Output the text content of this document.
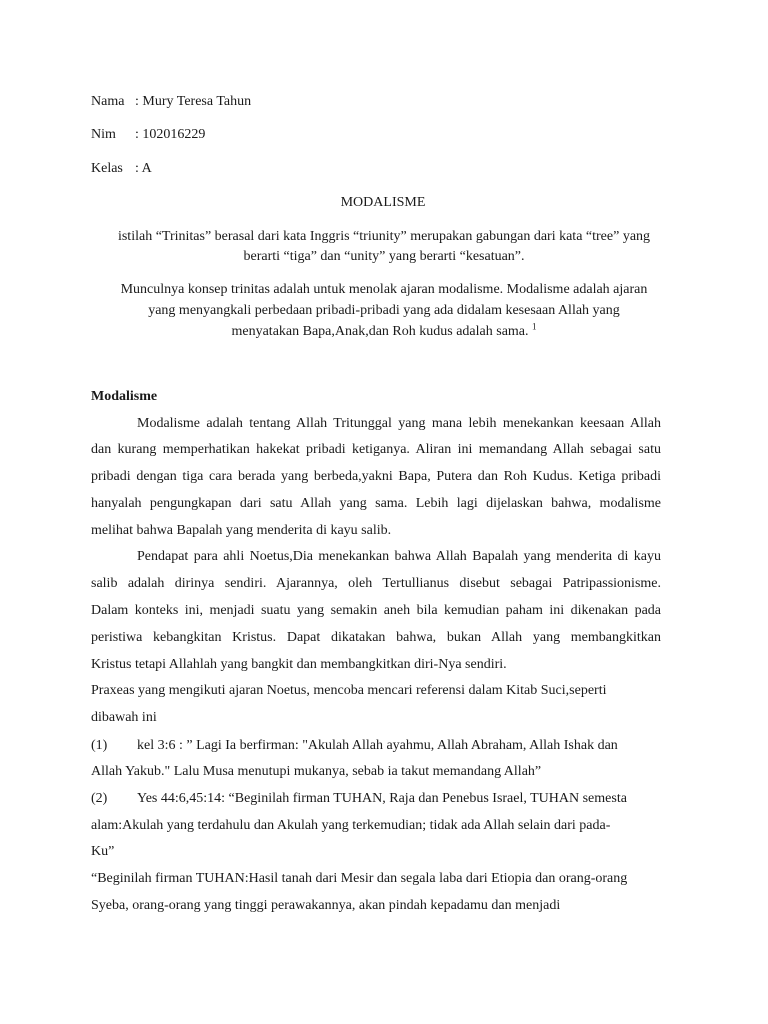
Nama : Mury Teresa Tahun
Nim : 102016229
Kelas : A
MODALISME
istilah “Trinitas” berasal dari kata Inggris “triunity” merupakan gabungan dari kata “tree” yang
berarti “tiga” dan “unity” yang berarti “kesatuan”.
Munculnya konsep trinitas adalah untuk menolak ajaran modalisme. Modalisme adalah ajaran
yang menyangkali perbedaan pribadi-pribadi yang ada didalam kesesaan Allah yang
menyatakan Bapa,Anak,dan Roh kudus adalah sama. $^1$
Modalisme
Modalisme adalah tentang Allah Tritunggal yang mana lebih menekankan keesaan Allah
dan kurang memperhatikan hakekat pribadi ketiganya. Aliran ini memandang Allah sebagai satu
pribadi dengan tiga cara berada yang berbeda,yakni Bapa, Putera dan Roh Kudus. Ketiga pribadi
hanyalah pengungkapan dari satu Allah yang sama. Lebih lagi dijelaskan bahwa, modalisme
melihat bahwa Bapalah yang menderita di kayu salib.
Pendapat para ahli Noetus,Dia menekankan bahwa Allah Bapalah yang menderita di kayu
salib adalah dirinya sendiri. Ajarannya, oleh Tertullianus disebut sebagai Patripassionisme.
Dalam konteks ini, menjadi suatu yang semakin aneh bila kemudian paham ini dikenakan pada
peristiwa kebangkitan Kristus. Dapat dikatakan bahwa, bukan Allah yang membangkitkan
Kristus tetapi Allahlah yang bangkit dan membangkitkan diri-Nya sendiri.
Praxeas yang mengikuti ajaran Noetus, mencoba mencari referensi dalam Kitab Suci,seperti
dibawah ini
(1) kel 3:6 : ” Lagi Ia berfirman: "Akulah Allah ayahmu, Allah Abraham, Allah Ishak dan
Allah Yakub." Lalu Musa menutupi mukanya, sebab ia takut memandang Allah”
(2) Yes 44:6,45:14: “Beginilah firman TUHAN, Raja dan Penebus Israel, TUHAN semesta
alam:Akulah yang terdahulu dan Akulah yang terkemudian; tidak ada Allah selain dari pada-
Ku”
“Beginilah firman TUHAN:Hasil tanah dari Mesir dan segala laba dari Etiopia dan orang-orang
Syeba, orang-orang yang tinggi perawakannya, akan pindah kepadamu dan menjadi
